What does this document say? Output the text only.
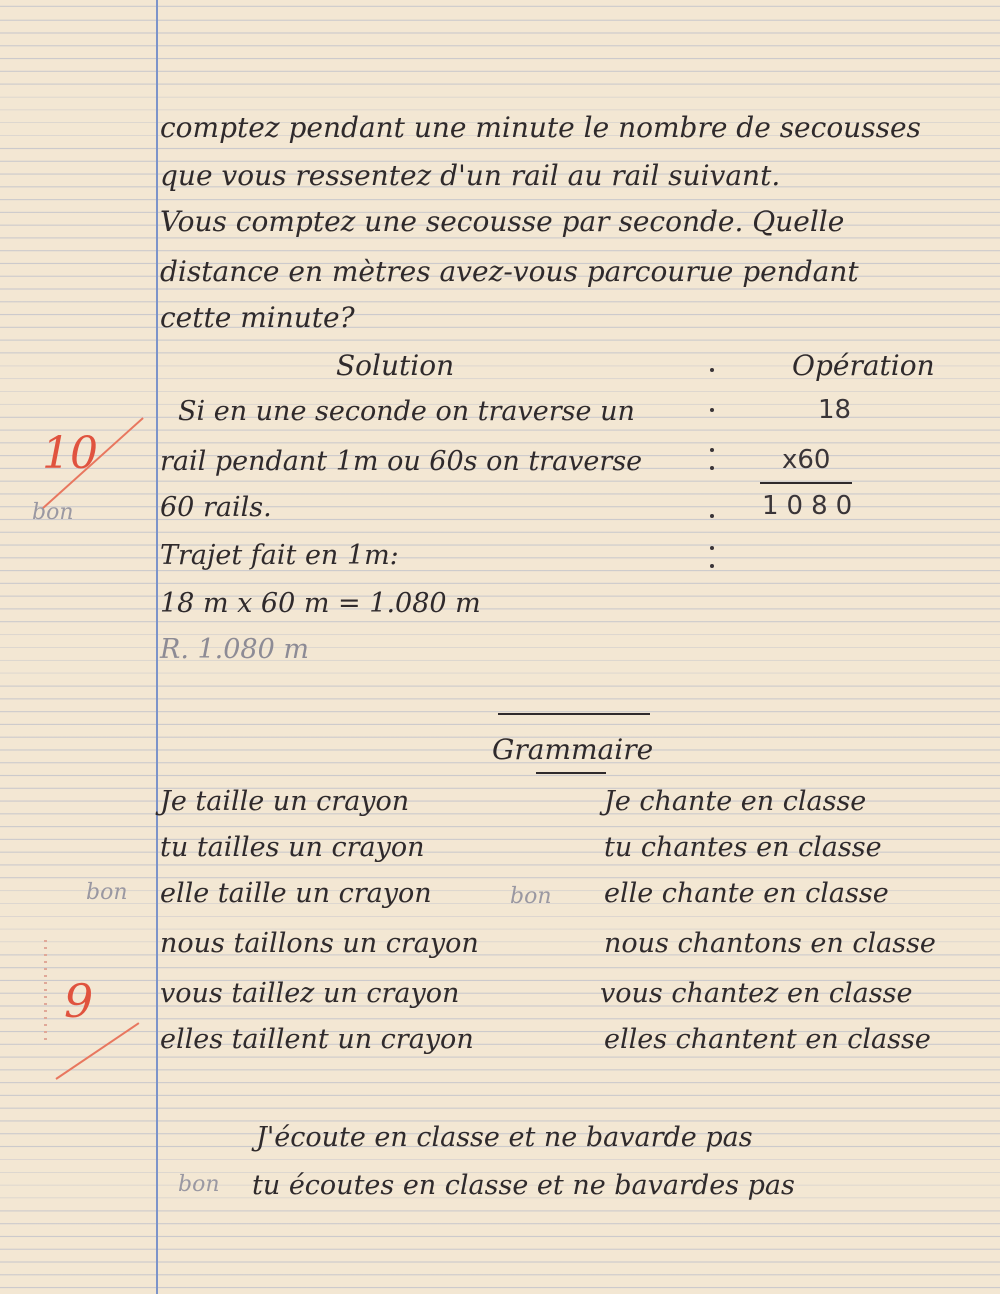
comptez pendant une minute le nombre de secousses

que vous ressentez d'un rail au rail suivant.

Vous comptez une secousse par seconde. Quelle

distance en mètres avez-vous parcourue pendant

cette minute?

Solution	Opération

Si en une seconde on traverse un

rail pendant 1m ou 60s on traverse

60 rails.

Trajet fait en 1m:

18 m x 60 m = 1.080 m

R. 1.080 m

18

x60

1080

10
bon

Grammaire

Je taille un crayon

tu tailles un crayon

elle taille un crayon

nous taillons un crayon

vous taillez un crayon

elles taillent un crayon

Je chante en classe

tu chantes en classe

elle chante en classe

nous chantons en classe

vous chantez en classe

elles chantent en classe

bon	bon
9

J'écoute en classe et ne bavarde pas

tu écoutes en classe et ne bavardes pas

bon
